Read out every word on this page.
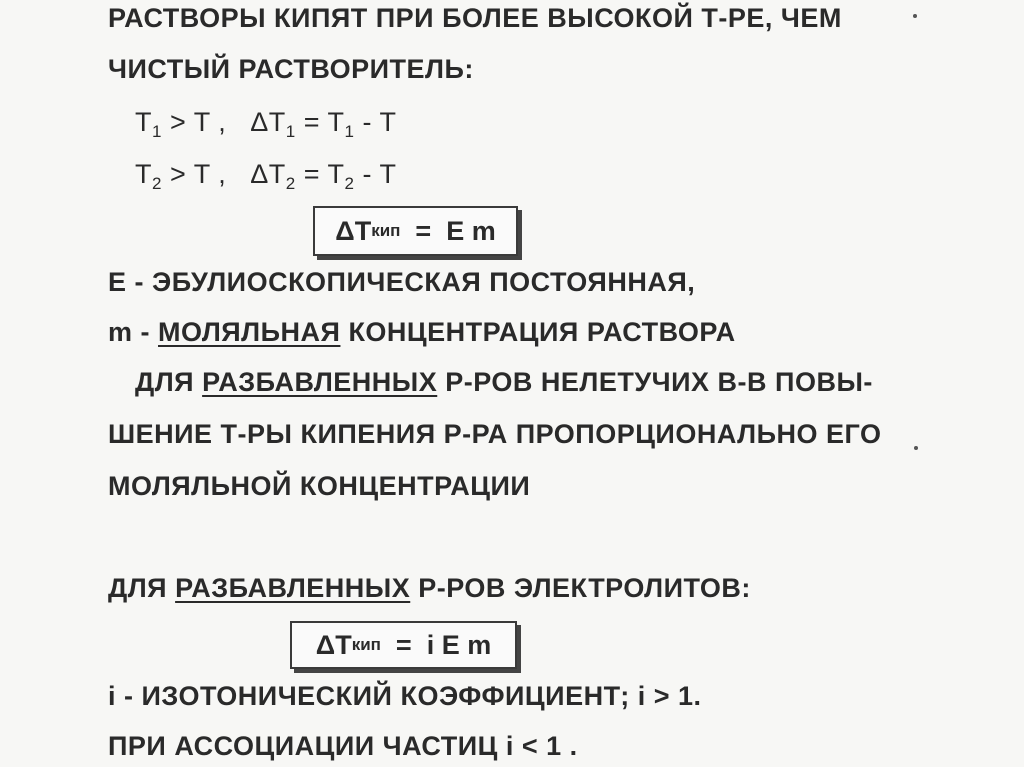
РАСТВОРЫ КИПЯТ ПРИ БОЛЕЕ ВЫСОКОЙ Т-РЕ, ЧЕМ
ЧИСТЫЙ РАСТВОРИТЕЛЬ:
$T_1 > T$ ,   $\Delta T_1 = T_1 - T$
$T_2 > T$ ,   $\Delta T_2 = T_2 - T$
ΔT кип =  E m
E - ЭБУЛИОСКОПИЧЕСКАЯ ПОСТОЯННАЯ,
m - МОЛЯЛЬНАЯ КОНЦЕНТРАЦИЯ РАСТВОРА
ДЛЯ РАЗБАВЛЕННЫХ Р-РОВ НЕЛЕТУЧИХ В-В ПОВЫ-
ШЕНИЕ Т-РЫ КИПЕНИЯ Р-РА ПРОПОРЦИОНАЛЬНО ЕГО
МОЛЯЛЬНОЙ КОНЦЕНТРАЦИИ
ДЛЯ РАЗБАВЛЕННЫХ Р-РОВ ЭЛЕКТРОЛИТОВ:
ΔT кип =  i E m
i - ИЗОТОНИЧЕСКИЙ КОЭФФИЦИЕНТ; i > 1.
ПРИ АССОЦИАЦИИ ЧАСТИЦ i < 1 .
